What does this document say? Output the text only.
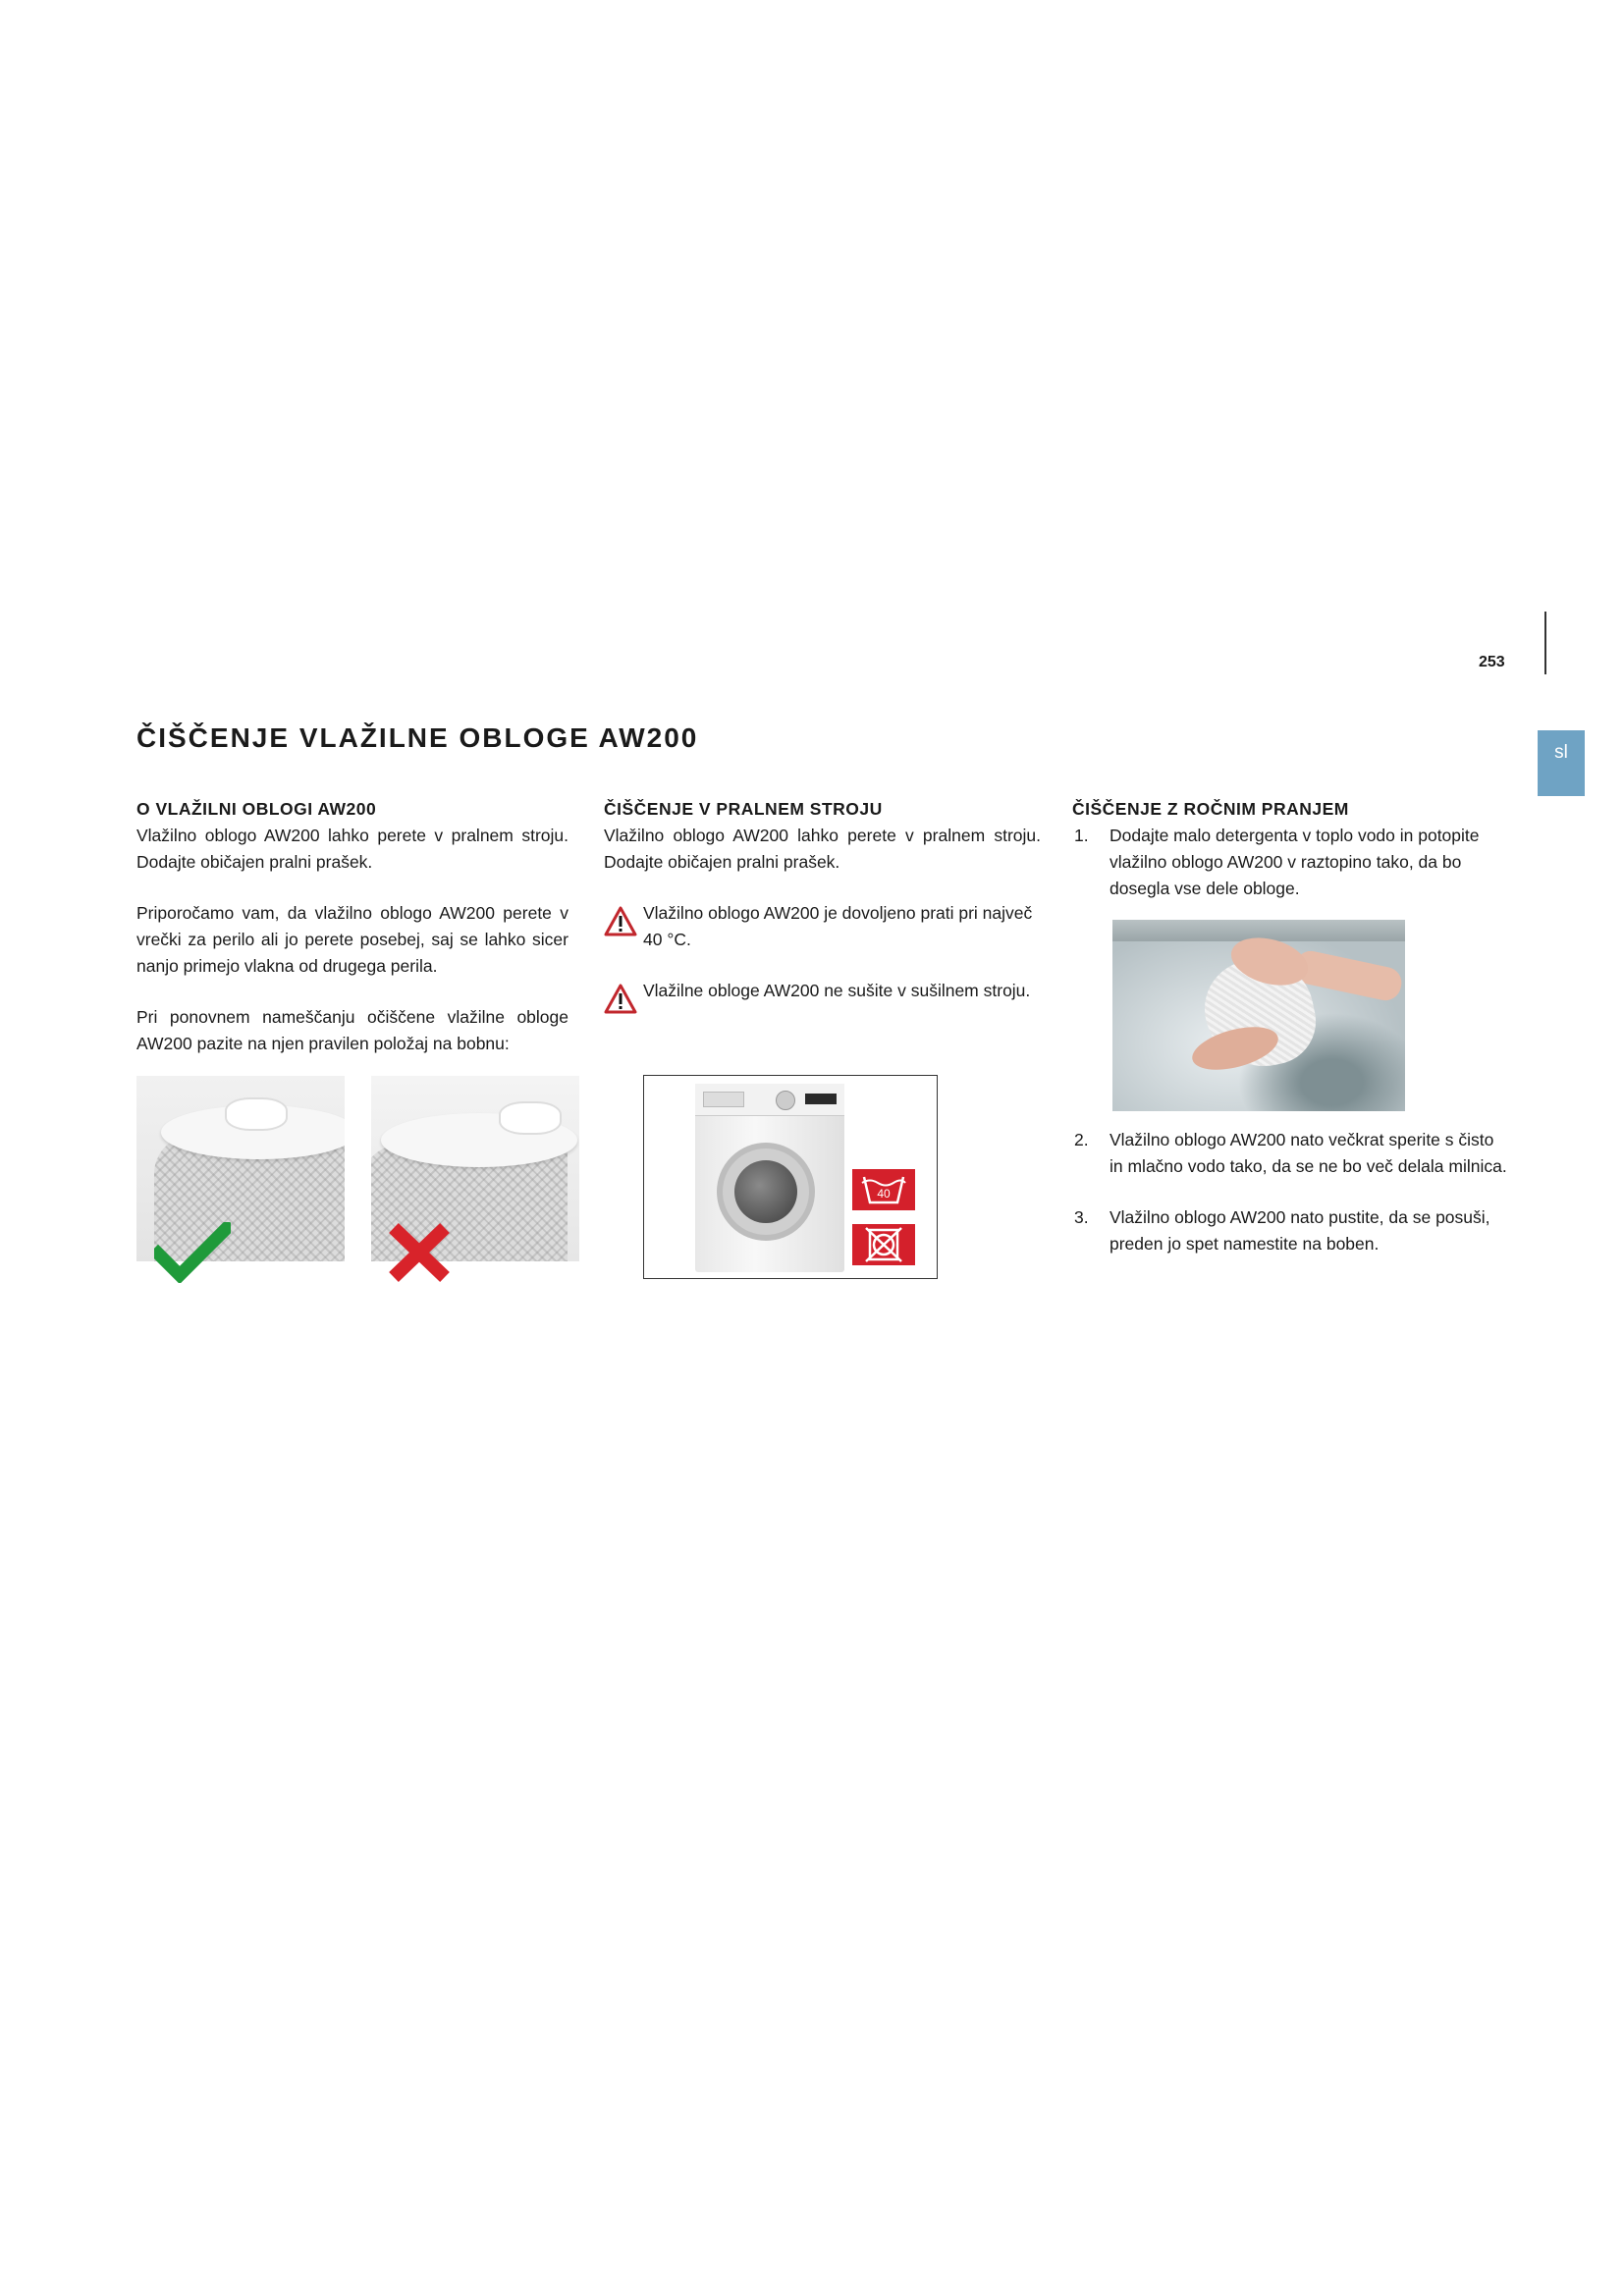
253
sl
ČIŠČENJE VLAŽILNE OBLOGE AW200
O VLAŽILNI OBLOGI AW200

Vlažilno oblogo AW200 lahko perete v pralnem stroju. Dodajte običajen pralni prašek.

Priporočamo vam, da vlažilno oblogo AW200 perete v vrečki za perilo ali jo perete posebej, saj se lahko sicer nanjo primejo vlakna od drugega perila.

Pri ponovnem nameščanju očiščene vlažilne obloge AW200 pazite na njen pravilen položaj na bobnu:

ČIŠČENJE V PRALNEM STROJU

Vlažilno oblogo AW200 lahko perete v pralnem stroju. Dodajte običajen pralni prašek.

Vlažilno oblogo AW200 je dovoljeno prati pri največ 40 °C.

Vlažilne obloge AW200 ne sušite v sušilnem stroju.

40
ČIŠČENJE Z ROČNIM PRANJEM
1.	Dodajte malo detergenta v toplo vodo in potopite vlažilno oblogo AW200 v raztopino tako, da bo dosegla vse dele obloge.
2.	Vlažilno oblogo AW200 nato večkrat sperite s čisto in mlačno vodo tako, da se ne bo več delala milnica.
3.	Vlažilno oblogo AW200 nato pustite, da se posuši, preden jo spet namestite na boben.
